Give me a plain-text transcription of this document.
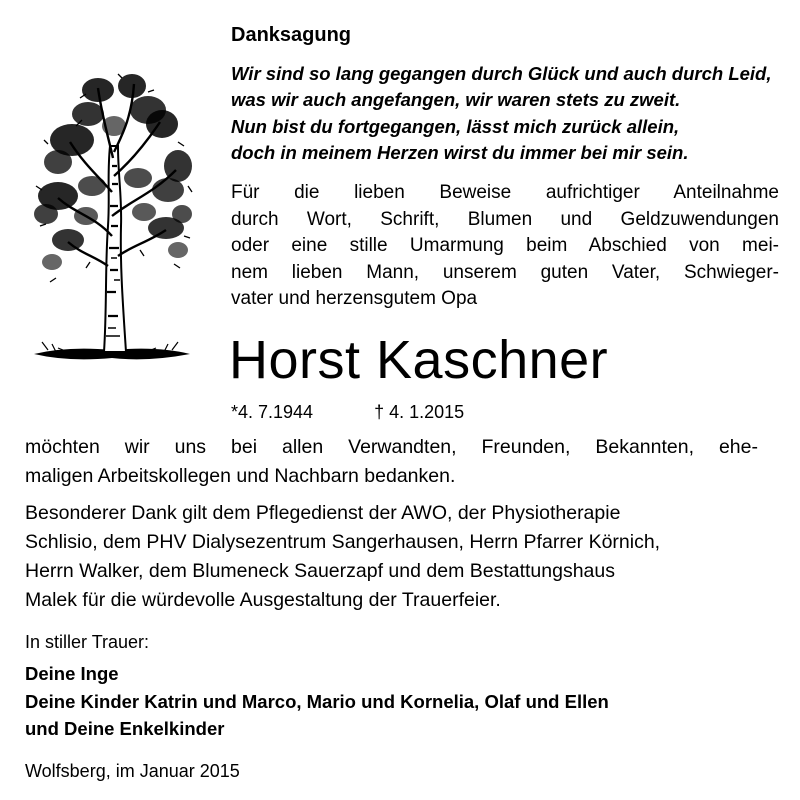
Danksagung
Wir sind so lang gegangen durch Glück und auch durch Leid,
was wir auch angefangen, wir waren stets zu zweit.
Nun bist du fortgegangen, lässt mich zurück allein,
doch in meinem Herzen wirst du immer bei mir sein.
Für die lieben Beweise aufrichtiger Anteilnahme
durch Wort, Schrift, Blumen und Geldzuwendungen
oder eine stille Umarmung beim Abschied von mei-
nem lieben Mann, unserem guten Vater, Schwieger-
vater und herzensgutem Opa
Horst Kaschner
*4. 7.1944	† 4. 1.2015
möchten wir uns bei allen Verwandten, Freunden, Bekannten, ehe-
maligen Arbeitskollegen und Nachbarn bedanken.
Besonderer Dank gilt dem Pflegedienst der AWO, der Physiotherapie
Schlisio, dem PHV Dialysezentrum Sangerhausen, Herrn Pfarrer Körnich,
Herrn Walker, dem Blumeneck Sauerzapf und dem Bestattungshaus
Malek für die würdevolle Ausgestaltung der Trauerfeier.
In stiller Trauer:
Deine Inge
Deine Kinder Katrin und Marco, Mario und Kornelia, Olaf und Ellen
und Deine Enkelkinder
Wolfsberg, im Januar 2015
